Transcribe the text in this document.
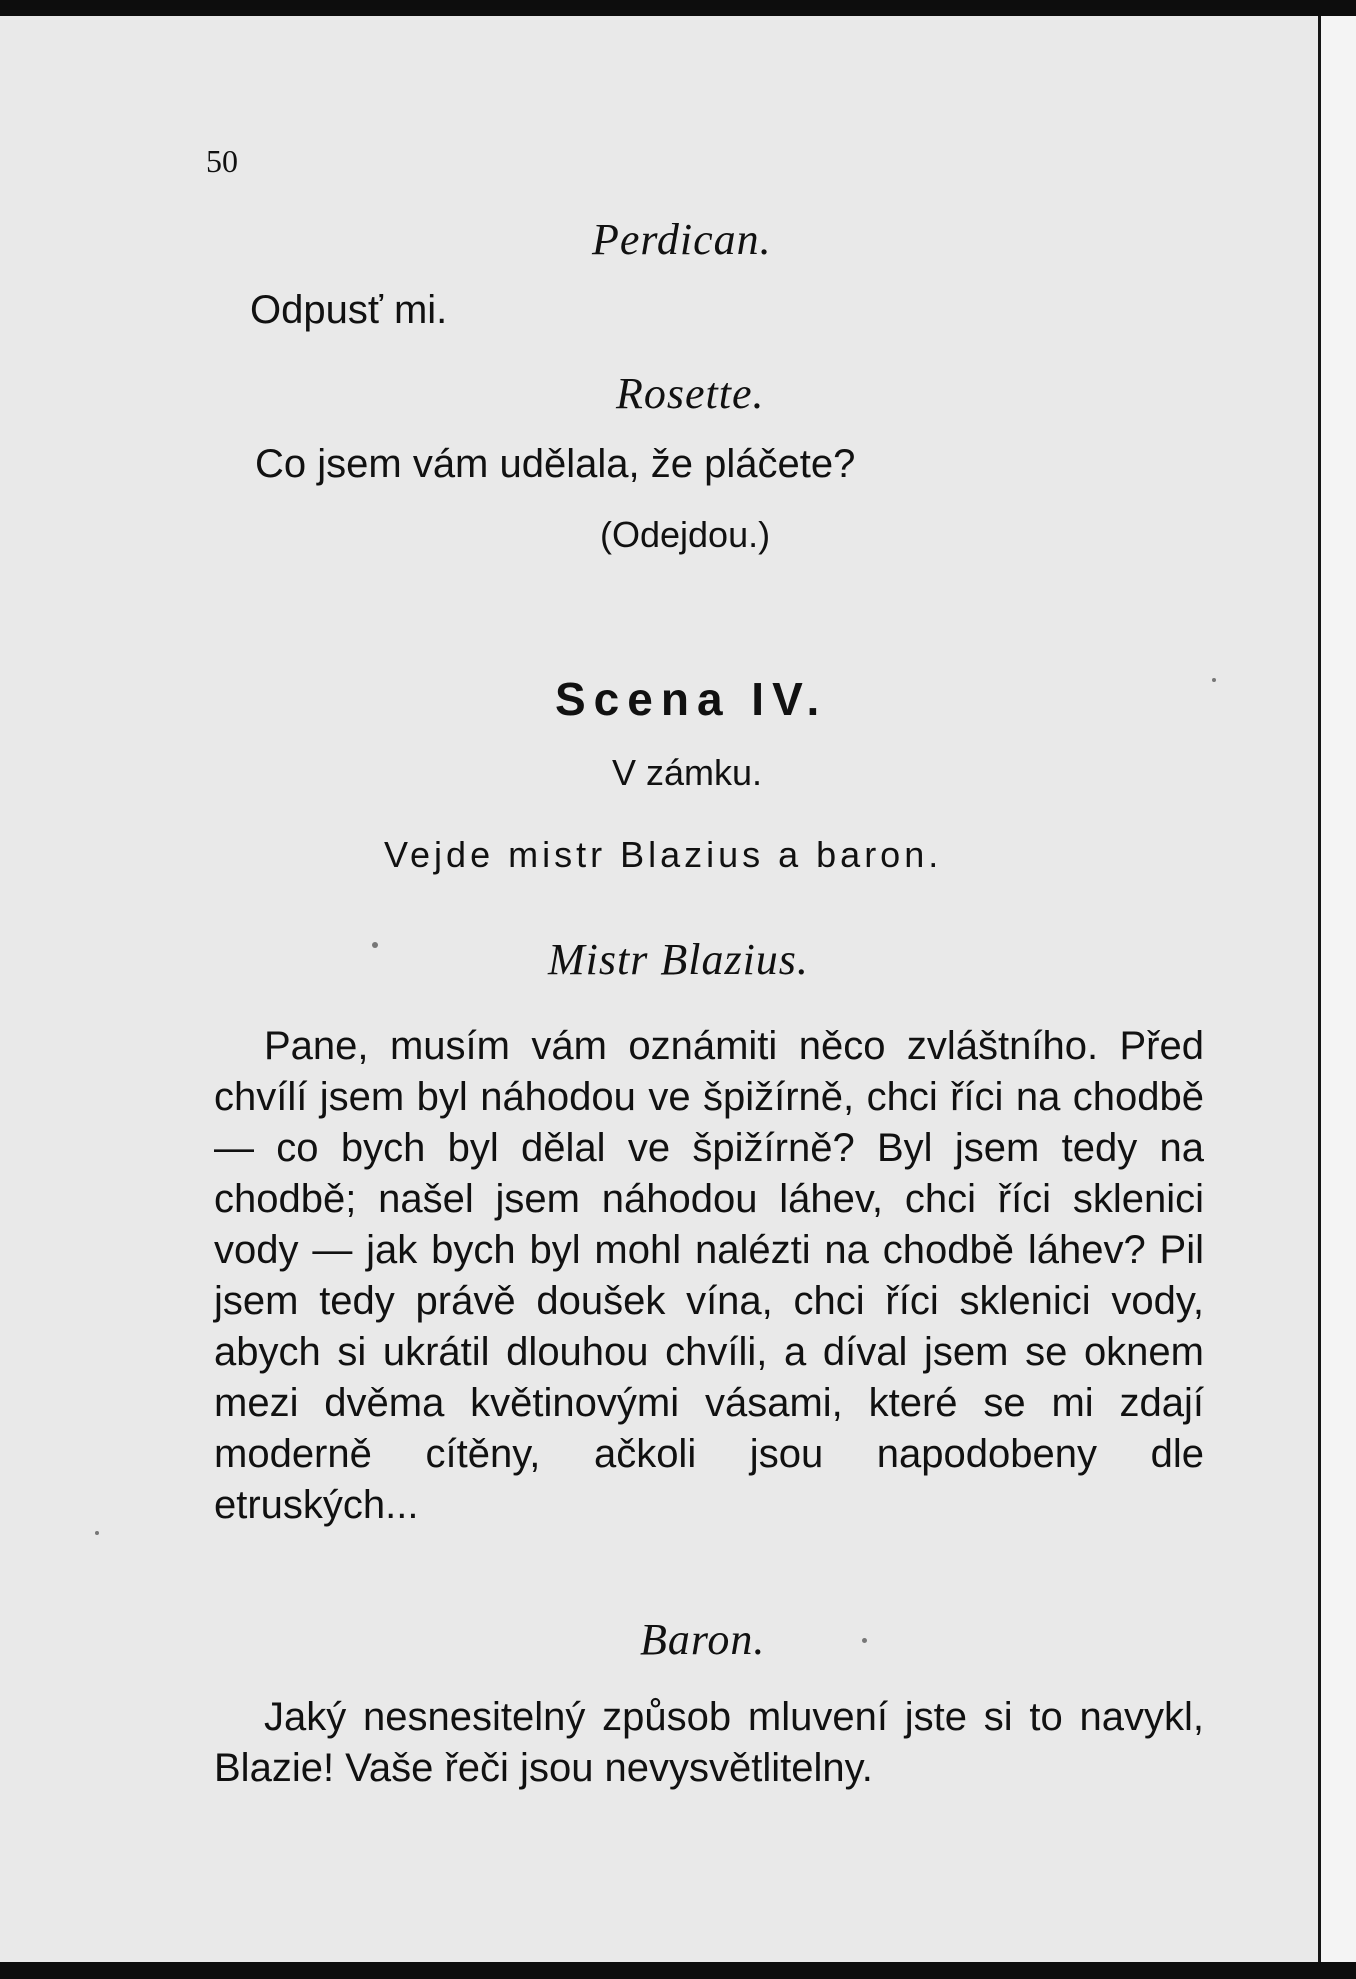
50
Perdican.
Odpusť mi.
Rosette.
Co jsem vám udělala, že pláčete?
(Odejdou.)
Scena IV.
V zámku.
Vejde mistr Blazius a baron.
Mistr Blazius.
Pane, musím vám oznámiti něco zvláštního. Před chvílí jsem byl náhodou ve špižírně, chci říci na chodbě — co bych byl dělal ve špižírně? Byl jsem tedy na chodbě; našel jsem náhodou láhev, chci říci sklenici vody — jak bych byl mohl nalézti na chodbě láhev? Pil jsem tedy právě doušek vína, chci říci sklenici vody, abych si ukrátil dlouhou chvíli, a díval jsem se oknem mezi dvěma květinovými vásami, které se mi zdají moderně cítěny, ačkoli jsou napodobeny dle etruských...
Baron.
Jaký nesnesitelný způsob mluvení jste si to navykl, Blazie! Vaše řeči jsou nevysvětlitelny.
